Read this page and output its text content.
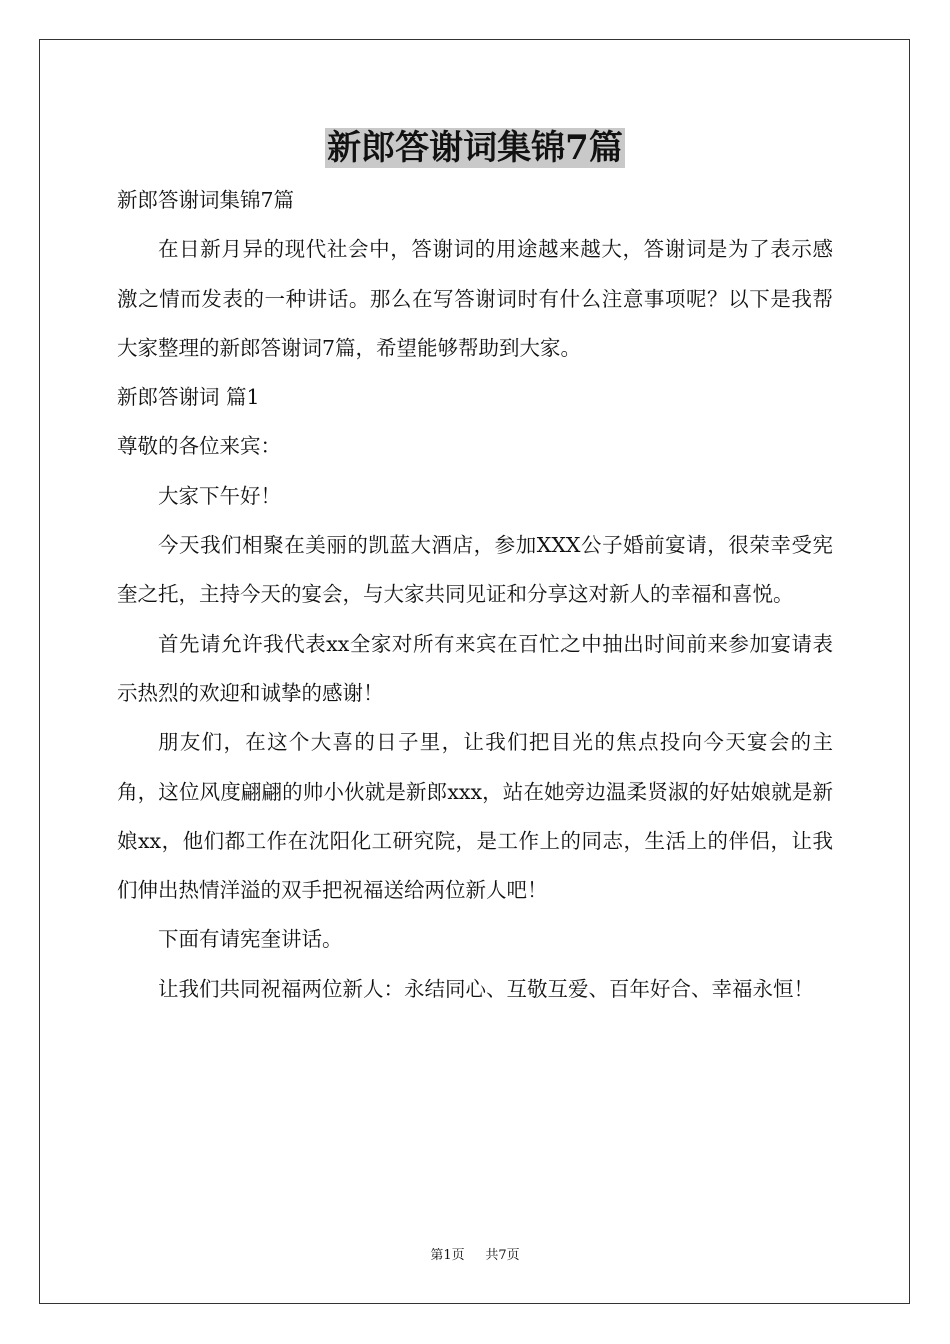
新郎答谢词集锦7篇
新郎答谢词集锦7篇

在日新月异的现代社会中，答谢词的用途越来越大，答谢词是为了表示感激之情而发表的一种讲话。那么在写答谢词时有什么注意事项呢？以下是我帮大家整理的新郎答谢词7篇，希望能够帮助到大家。

新郎答谢词 篇1
尊敬的各位来宾：

大家下午好！

今天我们相聚在美丽的凯蓝大酒店，参加XXX公子婚前宴请，很荣幸受宪奎之托，主持今天的宴会，与大家共同见证和分享这对新人的幸福和喜悦。

首先请允许我代表xx全家对所有来宾在百忙之中抽出时间前来参加宴请表示热烈的欢迎和诚挚的感谢！

朋友们，在这个大喜的日子里，让我们把目光的焦点投向今天宴会的主角，这位风度翩翩的帅小伙就是新郎xxx，站在她旁边温柔贤淑的好姑娘就是新娘xx，他们都工作在沈阳化工研究院，是工作上的同志，生活上的伴侣，让我们伸出热情洋溢的双手把祝福送给两位新人吧！

下面有请宪奎讲话。

让我们共同祝福两位新人：永结同心、互敬互爱、百年好合、幸福永恒！

第1页 共7页
